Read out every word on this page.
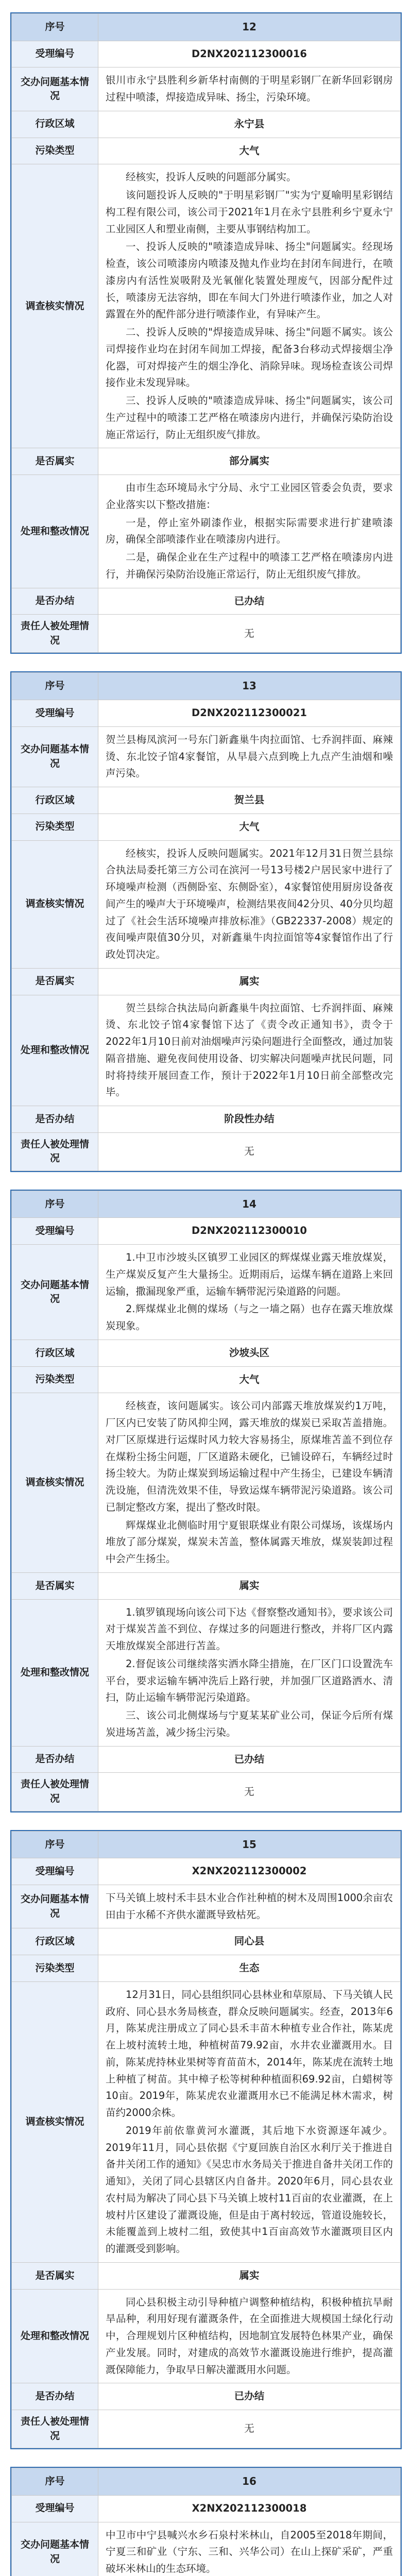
序号	12
受理编号	D2NX202112300016
交办问题基本情况	银川市永宁县胜利乡新华村南侧的于明星彩钢厂在新华回彩钢房过程中喷漆，焊接造成异味、扬尘，污染环境。
行政区域	永宁县
污染类型	大气
调查核实情况	经核实，投诉人反映的问题部分属实。

该问题投诉人反映的"于明星彩钢厂"实为宁夏喻明星彩钢结构工程有限公司，该公司于2021年1月在永宁县胜利乡宁夏永宁工业园区人和塑业南侧，主要从事钢结构加工。

一、投诉人反映的"喷漆造成异味、扬尘"问题属实。经现场检查，该公司喷漆房内喷漆及抛丸作业均在封闭车间进行，在喷漆房内有活性炭吸附及光氧催化装置处理废气，因部分配件过长，喷漆房无法容纳，即在车间大门外进行喷漆作业，加之人对露置在外的配件部分进行喷漆作业，有异味产生。

二、投诉人反映的"焊接造成异味、扬尘"问题不属实。该公司焊接作业均在封闭车间加工焊接，配备3台移动式焊接烟尘净化器，可对焊接产生的烟尘净化、消除异味。现场检查该公司焊接作业未发现异味。

三、投诉人反映的"喷漆造成异味、扬尘"问题属实，该公司生产过程中的喷漆工艺严格在喷漆房内进行，并确保污染防治设施正常运行，防止无组织废气排放。

是否属实	部分属实
处理和整改情况	由市生态环境局永宁分局、永宁工业园区管委会负责，要求企业落实以下整改措施：

一是，停止室外刷漆作业，根据实际需要求进行扩建喷漆房，确保全部喷漆作业在喷漆房内进行。

二是，确保企业在生产过程中的喷漆工艺严格在喷漆房内进行，并确保污染防治设施正常运行，防止无组织废气排放。

是否办结	已办结
责任人被处理情况	无
序号	13
受理编号	D2NX202112300021
交办问题基本情况	贺兰县梅凤滨河一号东门新鑫巢牛肉拉面馆、七乔润拌面、麻辣烫、东北饺子馆4家餐馆，从早晨六点到晚上九点产生油烟和噪声污染。
行政区域	贺兰县
污染类型	大气
调查核实情况	经核实，投诉人反映问题属实。2021年12月31日贺兰县综合执法局委托第三方公司在滨河一号13号楼2户居民家中进行了环境噪声检测（西侧卧室、东侧卧室），4家餐馆使用厨房设备夜间产生的噪声大于环境噪声，检测结果夜间42分贝、40分贝均超过了《社会生活环境噪声排放标准》（GB22337-2008）规定的夜间噪声限值30分贝，对新鑫巢牛肉拉面馆等4家餐馆作出了行政处罚决定。

是否属实	属实
处理和整改情况	贺兰县综合执法局向新鑫巢牛肉拉面馆、七乔润拌面、麻辣烫、东北饺子馆4家餐馆下达了《责令改正通知书》，责令于2022年1月10日前对油烟噪声污染问题进行全面整改，通过加装隔音措施、避免夜间使用设备、切实解决问题噪声扰民问题，同时将持续开展回查工作，预计于2022年1月10日前全部整改完毕。

是否办结	阶段性办结
责任人被处理情况	无
序号	14
受理编号	D2NX202112300010
交办问题基本情况	1.中卫市沙坡头区镇罗工业园区的辉煤煤业露天堆放煤炭，生产煤炭反复产生大量扬尘。近期雨后，运煤车辆在道路上来回运输，撒漏现象严重，运输车辆带泥污染道路的问题。

2.辉煤煤业北侧的煤场（与之一墙之隔）也存在露天堆放煤炭现象。

行政区域	沙坡头区
污染类型	大气
调查核实情况	经核查，该问题属实。该公司内部露天堆放煤炭约1万吨，厂区内已安装了防风抑尘网，露天堆放的煤炭已采取苫盖措施。对厂区原煤进行运煤时风力较大容易扬尘，原煤堆苫盖不到位存在煤粉尘扬尘问题，厂区道路未硬化，已铺设碎石，车辆经过时扬尘较大。为防止煤炭到场运输过程中产生扬尘，已建设车辆清洗设施，但清洗效果不佳，导致运煤车辆带泥污染道路。该公司已制定整改方案，提出了整改时限。

辉煤煤业北侧临时用宁夏银联煤业有限公司煤场，该煤场内堆放了部分煤炭，煤炭未苫盖，整体属露天堆放，煤炭装卸过程中会产生扬尘。

是否属实	属实
处理和整改情况	1.镇罗镇现场向该公司下达《督察整改通知书》，要求该公司对于煤炭苫盖不到位、存煤过多的问题进行整改，并将厂区内露天堆放煤炭全部进行苫盖。

2.督促该公司继续落实洒水降尘措施，在厂区门口设置洗车平台，要求运输车辆冲洗后上路行驶，并加强厂区道路洒水、清扫，防止运输车辆带泥污染道路。

三、该公司北侧煤场与宁夏某某矿业公司，保证今后所有煤炭进场苫盖，减少扬尘污染。

是否办结	已办结
责任人被处理情况	无
序号	15
受理编号	X2NX202112300002
交办问题基本情况	下马关镇上坡村禾丰县木业合作社种植的树木及周围1000余亩农田由于水稀不齐供水灌溉导致枯死。
行政区域	同心县
污染类型	生态
调查核实情况	12月31日，同心县组织同心县林业和草原局、下马关镇人民政府、同心县水务局核查，群众反映问题属实。经查，2013年6月，陈某虎注册成立了同心县禾丰苗木种植专业合作社，陈某虎在上坡村流转土地，种植树苗79.92亩，水井农业灌溉用水。目前，陈某虎持林业果树等育苗苗木，2014年，陈某虎在流转土地上种植了树苗。其中樟子松等树种种植面积69.92亩，白蜡树等10亩。2019年，陈某虎农业灌溉用水已不能满足林木需求，树苗约2000余株。

2019年前依靠黄河水灌溉，其后地下水资源逐年减少。2019年11月，同心县依据《宁夏回族自治区水利厅关于推进自备井关闭工作的通知》《吴忠市水务局关于推进自备井关闭工作的通知》，关闭了同心县辖区内自备井。2020年6月，同心县农业农村局为解决了同心县下马关镇上坡村11百亩的农业灌溉，在上坡村片区建设了灌溉设施，但是由于离村较远，管道设施较长，未能覆盖到上坡村二组，致使其中1百亩高效节水灌溉项目区内的灌溉受到影响。

是否属实	属实
处理和整改情况	同心县积极主动引导种植户调整种植结构，积极种植抗旱耐旱品种，利用好现有灌溉条件，在全面推进大规模国土绿化行动中，合理规划片区种植结构，因地制宜发展特色林果产业，确保产业发展。同时，对建成的高效节水灌溉设施进行维护，提高灌溉保障能力，争取早日解决灌溉用水问题。

是否办结	已办结
责任人被处理情况	无
序号	16
受理编号	X2NX202112300018
交办问题基本情况	中卫市中宁县喊兴水乡石泉村米林山，自2005至2018年期间，宁夏三和矿业（宁东、三和、兴华公司）在山上探矿采矿，严重破坏米林山的生态环境。
